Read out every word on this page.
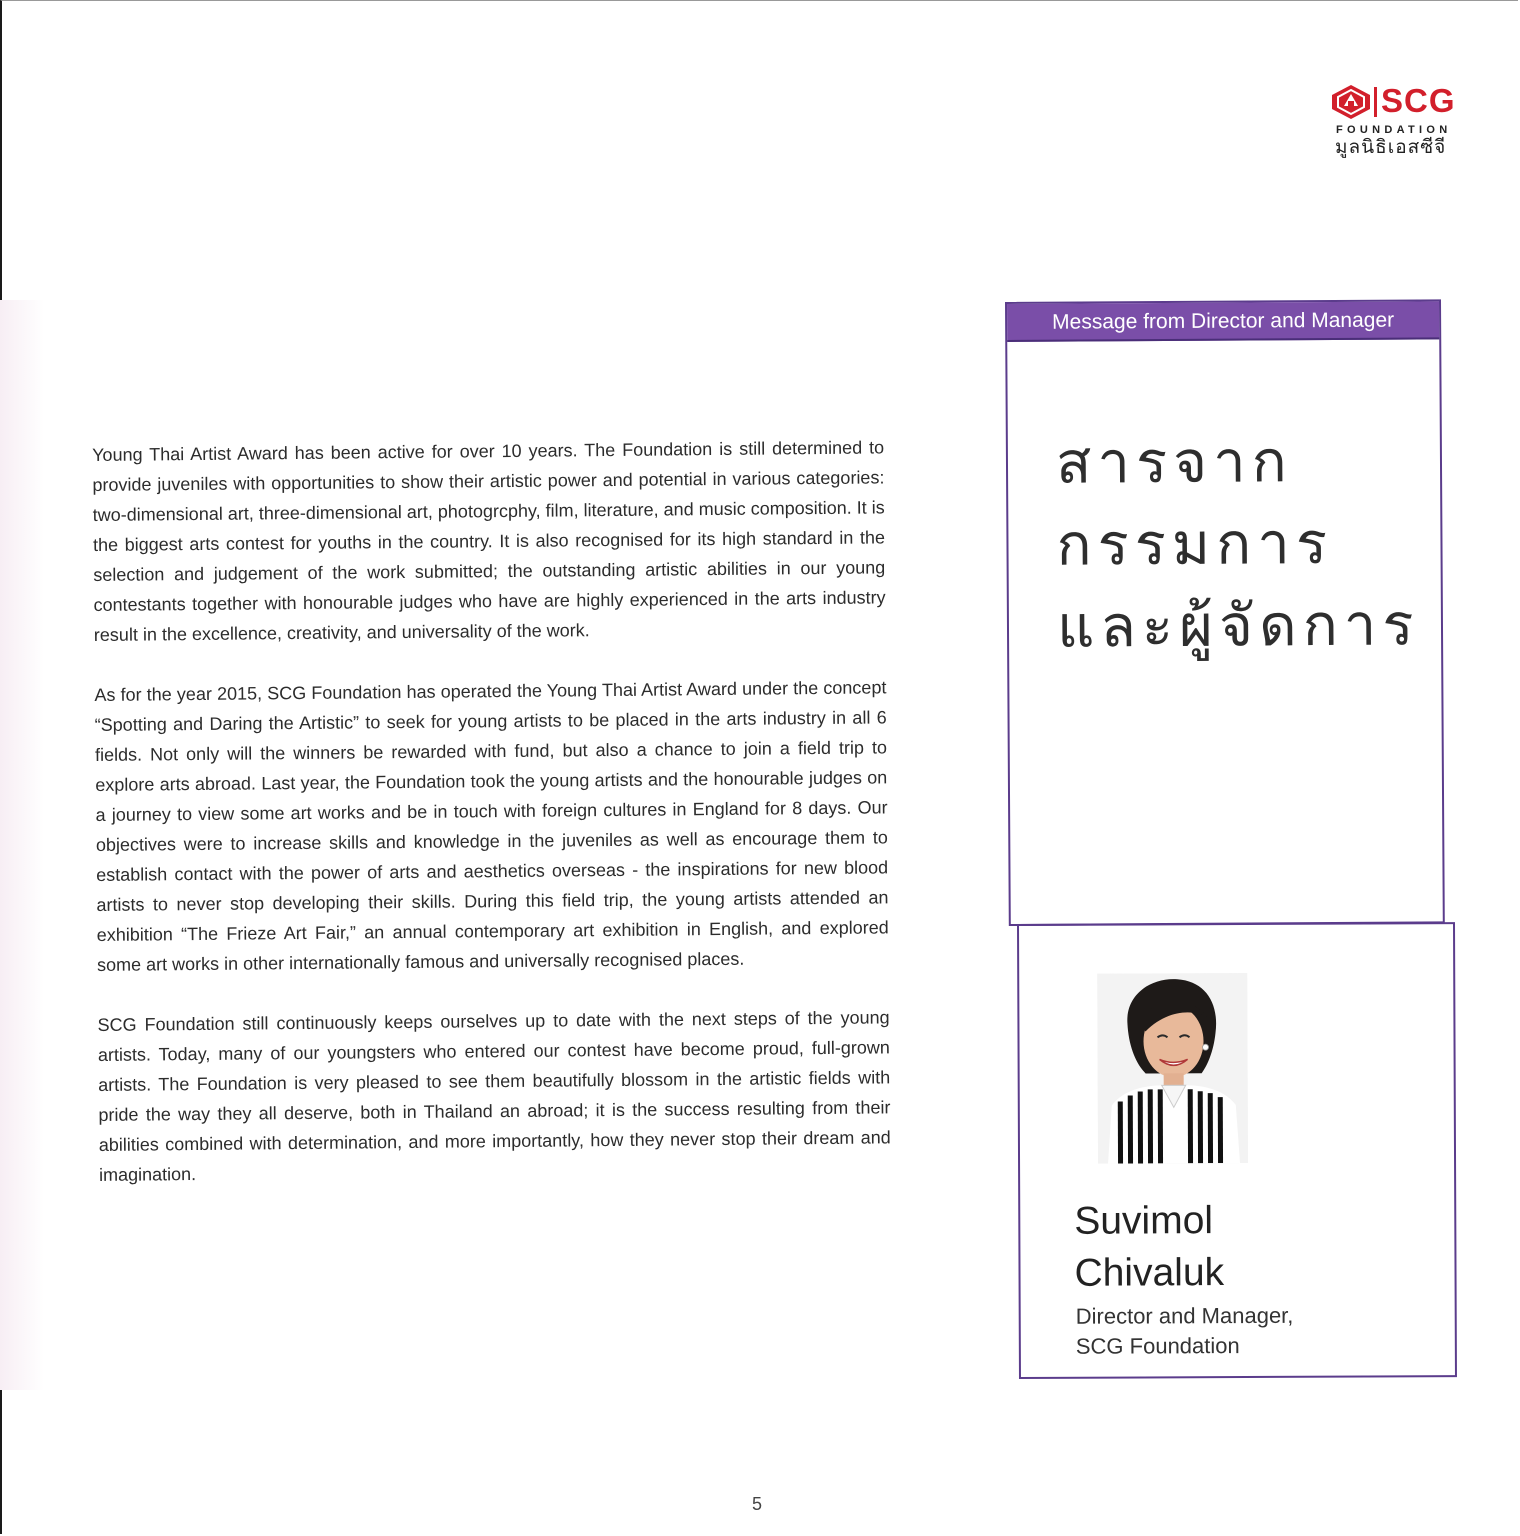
SCG
FOUNDATION
มูลนิธิเอสซีจี

Young Thai Artist Award has been active for over 10 years. The Foundation is still determined to provide juveniles with opportunities to show their artistic power and potential in various categories: two-dimensional art, three-dimensional art, photogrcphy, film, literature, and music composition. It is the biggest arts contest for youths in the country. It is also recognised for its high standard in the selection and judgement of the work submitted; the outstanding artistic abilities in our young contestants together with honourable judges who have are highly experienced in the arts industry result in the excellence, creativity, and universality of the work.

As for the year 2015, SCG Foundation has operated the Young Thai Artist Award under the concept “Spotting and Daring the Artistic” to seek for young artists to be placed in the arts industry in all 6 fields. Not only will the winners be rewarded with fund, but also a chance to join a field trip to explore arts abroad. Last year, the Foundation took the young artists and the honourable judges on a journey to view some art works and be in touch with foreign cultures in England for 8 days. Our objectives were to increase skills and knowledge in the juveniles as well as encourage them to establish contact with the power of arts and aesthetics overseas - the inspirations for new blood artists to never stop developing their skills. During this field trip, the young artists attended an exhibition “The Frieze Art Fair,” an annual contemporary art exhibition in English, and explored some art works in other internationally famous and universally recognised places.

SCG Foundation still continuously keeps ourselves up to date with the next steps of the young artists. Today, many of our youngsters who entered our contest have become proud, full-grown artists. The Foundation is very pleased to see them beautifully blossom in the artistic fields with pride the way they all deserve, both in Thailand an abroad; it is the success resulting from their abilities combined with determination, and more importantly, how they never stop their dream and imagination.

Message from Director and Manager
สารจาก
กรรมการ
และผู้จัดการ
Suvimol
Chivaluk
Director and Manager,
SCG Foundation
5
